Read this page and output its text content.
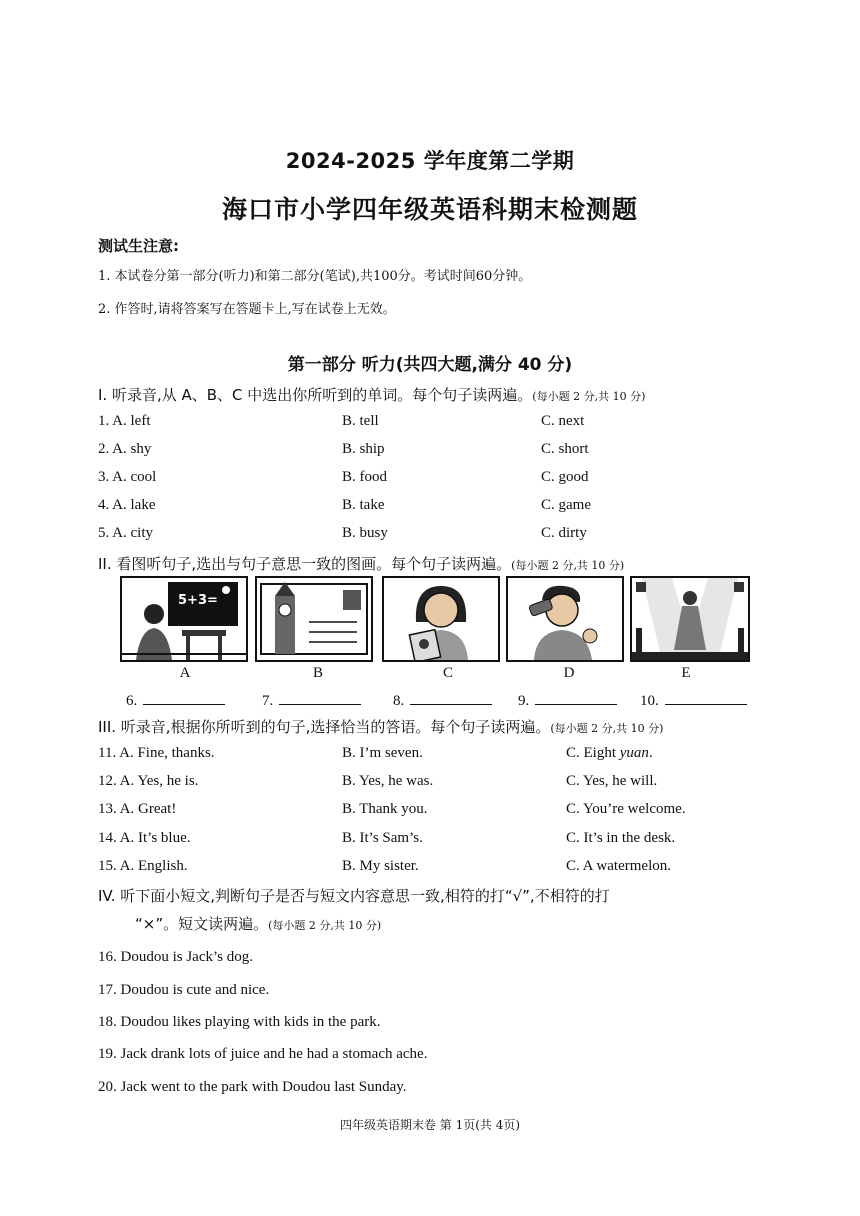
2024-2025 学年度第二学期
海口市小学四年级英语科期末检测题
测试生注意:
1. 本试卷分第一部分(听力)和第二部分(笔试),共100分。考试时间60分钟。
2. 作答时,请将答案写在答题卡上,写在试卷上无效。
第一部分 听力(共四大题,满分 40 分)
I. 听录音,从 A、B、C 中选出你所听到的单词。每个句子读两遍。(每小题 2 分,共 10 分)
1. A. left	B. tell	C. next
2. A. shy	B. ship	C. short
3. A. cool	B. food	C. good
4. A. lake	B. take	C. game
5. A. city	B. busy	C. dirty
II. 看图听句子,选出与句子意思一致的图画。每个句子读两遍。(每小题 2 分,共 10 分)
5+3=
A	B	C	D	E
6.	7.	8.	9.	10.
III. 听录音,根据你所听到的句子,选择恰当的答语。每个句子读两遍。(每小题 2 分,共 10 分)
11. A. Fine, thanks.	B. I’m seven.	C. Eight yuan.
12. A. Yes, he is.	B. Yes, he was.	C. Yes, he will.
13. A. Great!	B. Thank you.	C. You’re welcome.
14. A. It’s blue.	B. It’s Sam’s.	C. It’s in the desk.
15. A. English.	B. My sister.	C. A watermelon.
IV. 听下面小短文,判断句子是否与短文内容意思一致,相符的打“√”,不相符的打
“×”。短文读两遍。(每小题 2 分,共 10 分)
16. Doudou is Jack’s dog.
17. Doudou is cute and nice.
18. Doudou likes playing with kids in the park.
19. Jack drank lots of juice and he had a stomach ache.
20. Jack went to the park with Doudou last Sunday.
四年级英语期末卷 第 1页(共 4页)
